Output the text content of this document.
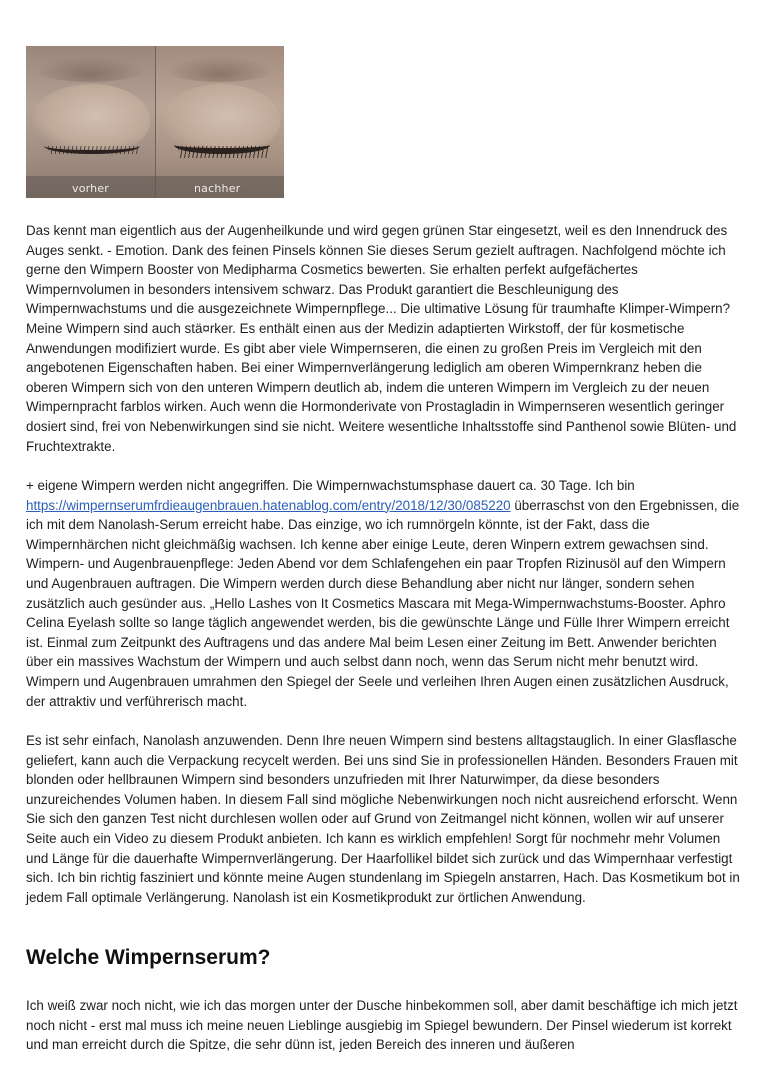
vorher	nachher

Das kennt man eigentlich aus der Augenheilkunde und wird gegen grünen Star eingesetzt, weil es den Innendruck des Auges senkt. - Emotion. Dank des feinen Pinsels können Sie dieses Serum gezielt auftragen. Nachfolgend möchte ich gerne den Wimpern Booster von Medipharma Cosmetics bewerten. Sie erhalten perfekt aufgefächertes Wimpernvolumen in besonders intensivem schwarz. Das Produkt garantiert die Beschleunigung des Wimpernwachstums und die ausgezeichnete Wimpernpflege... Die ultimative Lösung für traumhafte Klimper-Wimpern? Meine Wimpern sind auch stä¤rker. Es enthält einen aus der Medizin adaptierten Wirkstoff, der für kosmetische Anwendungen modifiziert wurde. Es gibt aber viele Wimpernseren, die einen zu großen Preis im Vergleich mit den angebotenen Eigenschaften haben. Bei einer Wimpernverlängerung lediglich am oberen Wimpernkranz heben die oberen Wimpern sich von den unteren Wimpern deutlich ab, indem die unteren Wimpern im Vergleich zu der neuen Wimpernpracht farblos wirken. Auch wenn die Hormonderivate von Prostagladin in Wimpernseren wesentlich geringer dosiert sind, frei von Nebenwirkungen sind sie nicht. Weitere wesentliche Inhaltsstoffe sind Panthenol sowie Blüten- und Fruchtextrakte.

+ eigene Wimpern werden nicht angegriffen. Die Wimpernwachstumsphase dauert ca. 30 Tage. Ich bin https://wimpernserumfrdieaugenbrauen.hatenablog.com/entry/2018/12/30/085220 überraschst von den Ergebnissen, die ich mit dem Nanolash-Serum erreicht habe. Das einzige, wo ich rumnörgeln könnte, ist der Fakt, dass die Wimpernhärchen nicht gleichmäßig wachsen. Ich kenne aber einige Leute, deren Winpern extrem gewachsen sind. Wimpern- und Augenbrauenpflege: Jeden Abend vor dem Schlafengehen ein paar Tropfen Rizinusöl auf den Wimpern und Augenbrauen auftragen. Die Wimpern werden durch diese Behandlung aber nicht nur länger, sondern sehen zusätzlich auch gesünder aus. „Hello Lashes von It Cosmetics Mascara mit Mega-Wimpernwachstums-Booster. Aphro Celina Eyelash sollte so lange täglich angewendet werden, bis die gewünschte Länge und Fülle Ihrer Wimpern erreicht ist. Einmal zum Zeitpunkt des Auftragens und das andere Mal beim Lesen einer Zeitung im Bett. Anwender berichten über ein massives Wachstum der Wimpern und auch selbst dann noch, wenn das Serum nicht mehr benutzt wird. Wimpern und Augenbrauen umrahmen den Spiegel der Seele und verleihen Ihren Augen einen zusätzlichen Ausdruck, der attraktiv und verführerisch macht.

Es ist sehr einfach, Nanolash anzuwenden. Denn Ihre neuen Wimpern sind bestens alltagstauglich. In einer Glasflasche geliefert, kann auch die Verpackung recycelt werden. Bei uns sind Sie in professionellen Händen. Besonders Frauen mit blonden oder hellbraunen Wimpern sind besonders unzufrieden mit Ihrer Naturwimper, da diese besonders unzureichendes Volumen haben. In diesem Fall sind mögliche Nebenwirkungen noch nicht ausreichend erforscht. Wenn Sie sich den ganzen Test nicht durchlesen wollen oder auf Grund von Zeitmangel nicht können, wollen wir auf unserer Seite auch ein Video zu diesem Produkt anbieten. Ich kann es wirklich empfehlen! Sorgt für nochmehr mehr Volumen und Länge für die dauerhafte Wimpernverlängerung. Der Haarfollikel bildet sich zurück und das Wimpernhaar verfestigt sich. Ich bin richtig fasziniert und könnte meine Augen stundenlang im Spiegeln anstarren, Hach. Das Kosmetikum bot in jedem Fall optimale Verlängerung. Nanolash ist ein Kosmetikprodukt zur örtlichen Anwendung.

Welche Wimpernserum?

Ich weiß zwar noch nicht, wie ich das morgen unter der Dusche hinbekommen soll, aber damit beschäftige ich mich jetzt noch nicht - erst mal muss ich meine neuen Lieblinge ausgiebig im Spiegel bewundern. Der Pinsel wiederum ist korrekt und man erreicht durch die Spitze, die sehr dünn ist, jeden Bereich des inneren und äußeren
